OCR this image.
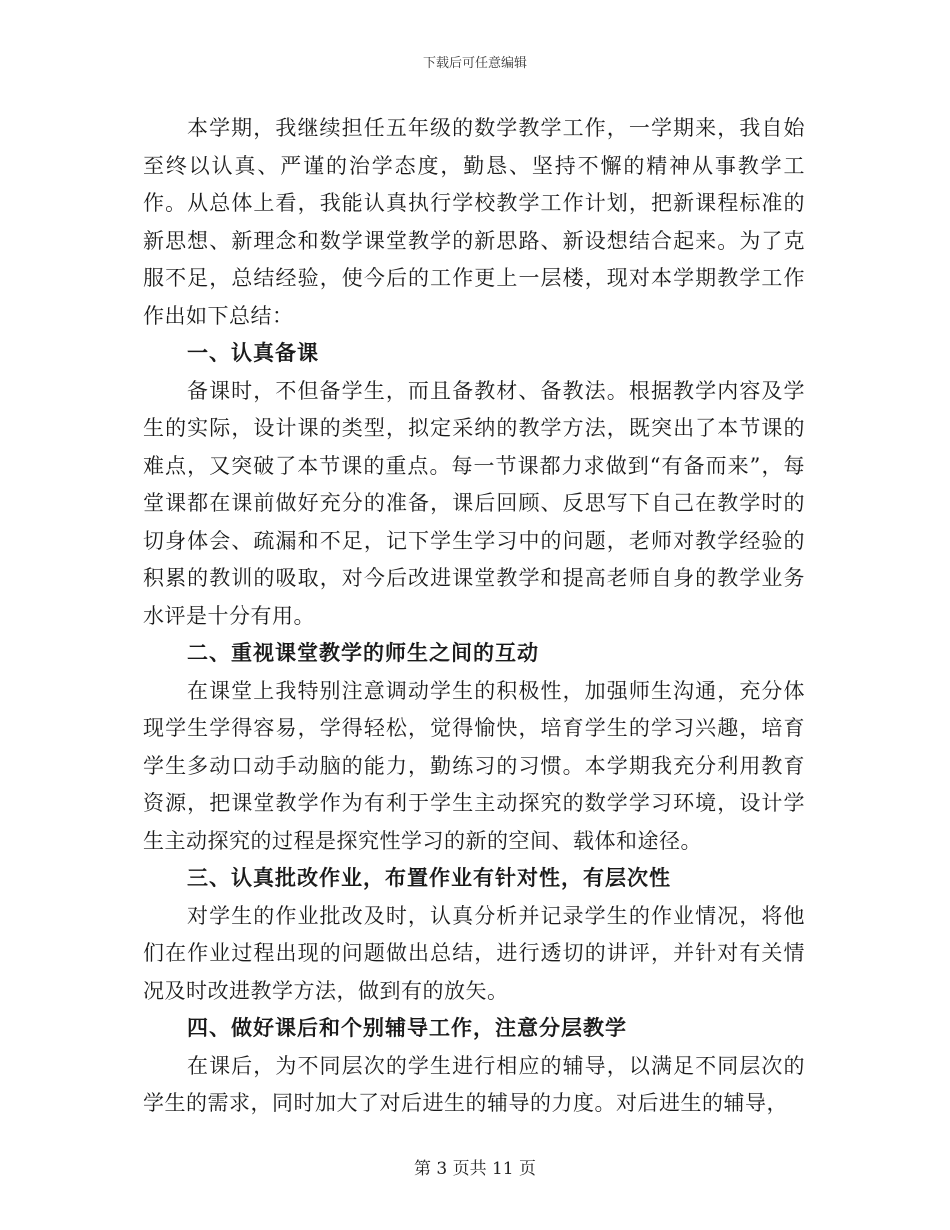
下载后可任意编辑

本学期，我继续担任五年级的数学教学工作，一学期来，我自始至终以认真、严谨的治学态度，勤恳、坚持不懈的精神从事教学工作。从总体上看，我能认真执行学校教学工作计划，把新课程标准的新思想、新理念和数学课堂教学的新思路、新设想结合起来。为了克服不足，总结经验，使今后的工作更上一层楼，现对本学期教学工作作出如下总结：

一、认真备课

备课时，不但备学生，而且备教材、备教法。根据教学内容及学生的实际，设计课的类型，拟定采纳的教学方法，既突出了本节课的难点，又突破了本节课的重点。每一节课都力求做到“有备而来”，每堂课都在课前做好充分的准备，课后回顾、反思写下自己在教学时的切身体会、疏漏和不足，记下学生学习中的问题，老师对教学经验的积累的教训的吸取，对今后改进课堂教学和提高老师自身的教学业务水评是十分有用。

二、重视课堂教学的师生之间的互动

在课堂上我特别注意调动学生的积极性，加强师生沟通，充分体现学生学得容易，学得轻松，觉得愉快，培育学生的学习兴趣，培育学生多动口动手动脑的能力，勤练习的习惯。本学期我充分利用教育资源，把课堂教学作为有利于学生主动探究的数学学习环境，设计学生主动探究的过程是探究性学习的新的空间、载体和途径。

三、认真批改作业，布置作业有针对性，有层次性

对学生的作业批改及时，认真分析并记录学生的作业情况，将他们在作业过程出现的问题做出总结，进行透切的讲评，并针对有关情况及时改进教学方法，做到有的放矢。

四、做好课后和个别辅导工作，注意分层教学

在课后，为不同层次的学生进行相应的辅导，以满足不同层次的学生的需求，同时加大了对后进生的辅导的力度。对后进生的辅导，

第 3 页共 11 页
